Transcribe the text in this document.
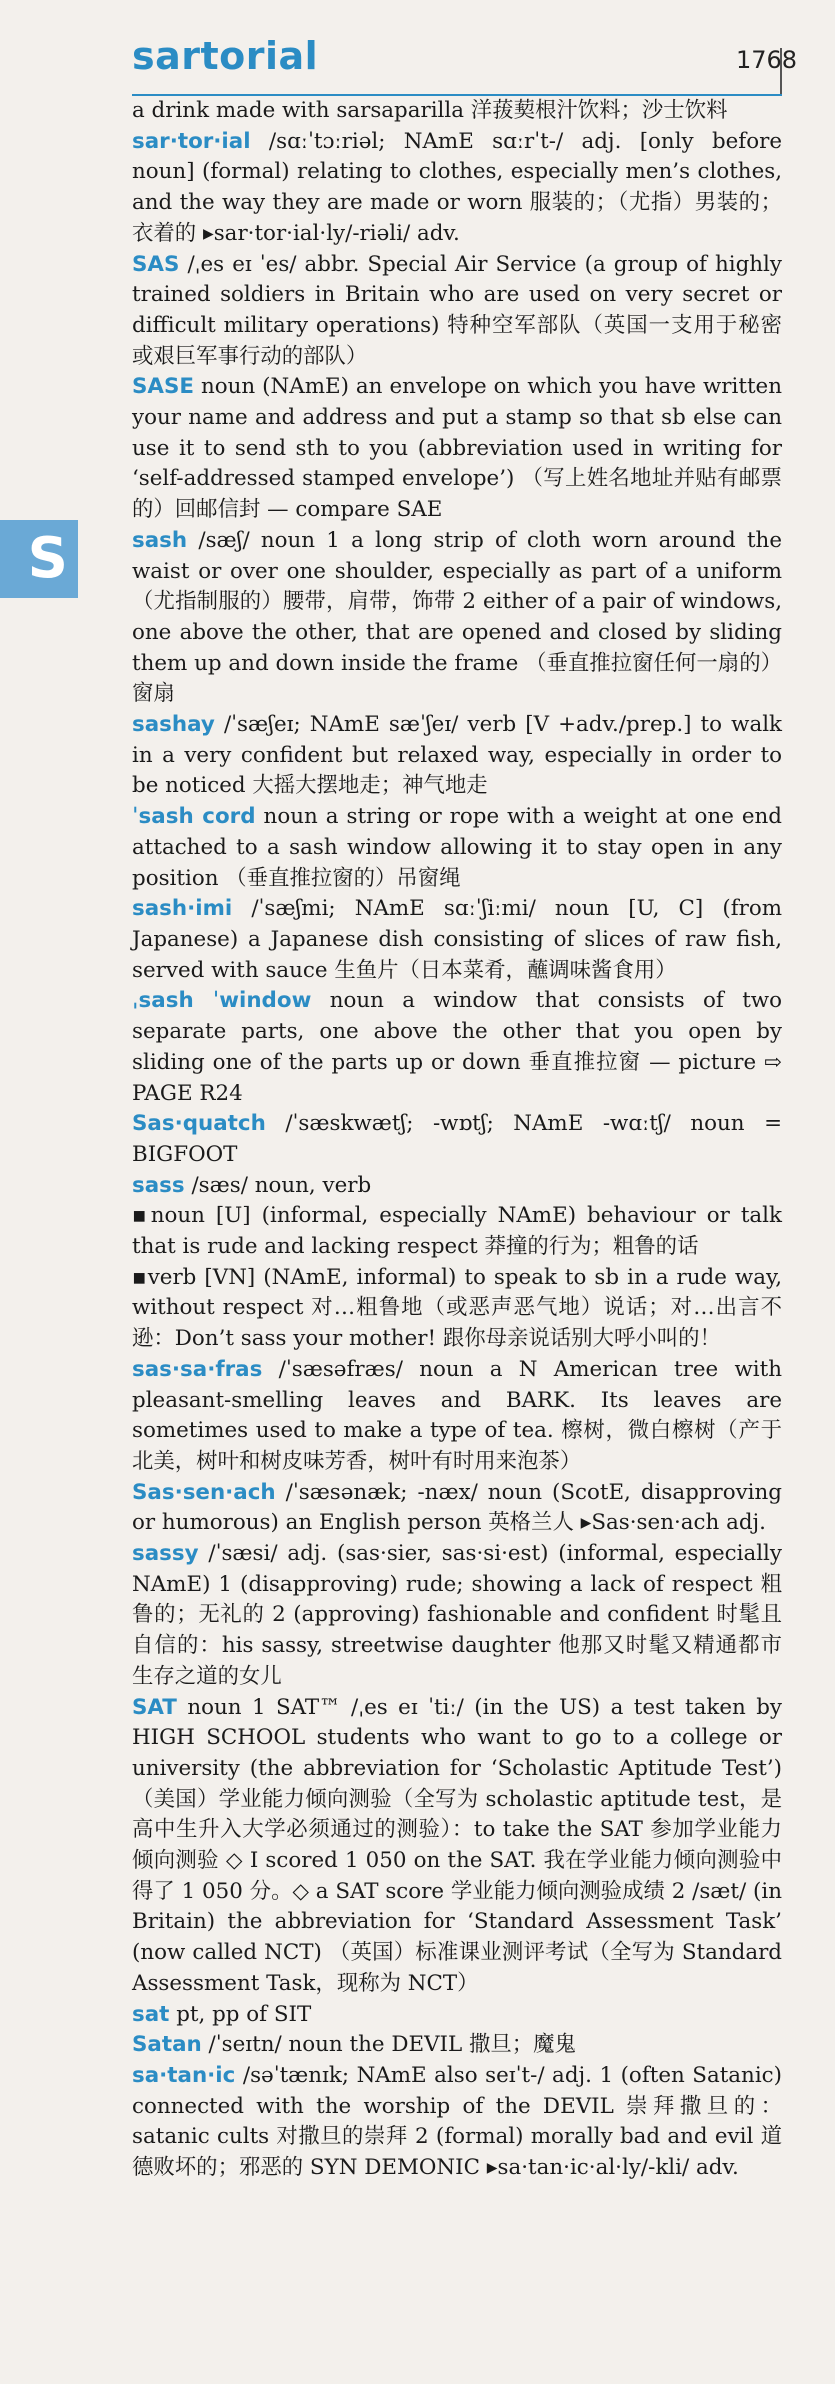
sartorial	1768
S

a drink made with sarsaparilla 洋菝葜根汁饮料；沙士饮料

sar·tor·ial /sɑːˈtɔːriəl; NAmE sɑːrˈt-/ adj. [only before noun] (formal) relating to clothes, especially men’s clothes, and the way they are made or worn 服装的；（尤指）男装的；衣着的 ▸sar·tor·ial·ly/-riəli/ adv.

SAS /ˌes eɪ ˈes/ abbr. Special Air Service (a group of highly trained soldiers in Britain who are used on very secret or difficult military operations) 特种空军部队（英国一支用于秘密或艰巨军事行动的部队）

SASE noun (NAmE) an envelope on which you have written your name and address and put a stamp so that sb else can use it to send sth to you (abbreviation used in writing for ‘self-addressed stamped envelope’) （写上姓名地址并贴有邮票的）回邮信封 — compare SAE

sash /sæʃ/ noun 1 a long strip of cloth worn around the waist or over one shoulder, especially as part of a uniform （尤指制服的）腰带，肩带，饰带 2 either of a pair of windows, one above the other, that are opened and closed by sliding them up and down inside the frame （垂直推拉窗任何一扇的）窗扇

sashay /ˈsæʃeɪ; NAmE sæˈʃeɪ/ verb [V +adv./prep.] to walk in a very confident but relaxed way, especially in order to be noticed 大摇大摆地走；神气地走

ˈsash cord noun a string or rope with a weight at one end attached to a sash window allowing it to stay open in any position （垂直推拉窗的）吊窗绳

sash·imi /ˈsæʃmi; NAmE sɑːˈʃiːmi/ noun [U, C] (from Japanese) a Japanese dish consisting of slices of raw fish, served with sauce 生鱼片（日本菜肴，蘸调味酱食用）

ˌsash ˈwindow noun a window that consists of two separate parts, one above the other that you open by sliding one of the parts up or down 垂直推拉窗 — picture ⇨ PAGE R24

Sas·quatch /ˈsæskwætʃ; -wɒtʃ; NAmE -wɑːtʃ/ noun = BIGFOOT

sass /sæs/ noun, verb

▪noun [U] (informal, especially NAmE) behaviour or talk that is rude and lacking respect 莽撞的行为；粗鲁的话

▪verb [VN] (NAmE, informal) to speak to sb in a rude way, without respect 对…粗鲁地（或恶声恶气地）说话；对…出言不逊：Don’t sass your mother! 跟你母亲说话别大呼小叫的！

sas·sa·fras /ˈsæsəfræs/ noun a N American tree with pleasant-smelling leaves and BARK. Its leaves are sometimes used to make a type of tea. 檫树，微白檫树（产于北美，树叶和树皮味芳香，树叶有时用来泡茶）

Sas·sen·ach /ˈsæsənæk; -næx/ noun (ScotE, disapproving or humorous) an English person 英格兰人 ▸Sas·sen·ach adj.

sassy /ˈsæsi/ adj. (sas·sier, sas·si·est) (informal, especially NAmE) 1 (disapproving) rude; showing a lack of respect 粗鲁的；无礼的 2 (approving) fashionable and confident 时髦且自信的：his sassy, streetwise daughter 他那又时髦又精通都市生存之道的女儿

SAT noun 1 SAT™ /ˌes eɪ ˈtiː/ (in the US) a test taken by HIGH SCHOOL students who want to go to a college or university (the abbreviation for ‘Scholastic Aptitude Test’) （美国）学业能力倾向测验（全写为 scholastic aptitude test，是高中生升入大学必须通过的测验）：to take the SAT 参加学业能力倾向测验 ◇ I scored 1 050 on the SAT. 我在学业能力倾向测验中得了 1 050 分。◇ a SAT score 学业能力倾向测验成绩 2 /sæt/ (in Britain) the abbreviation for ‘Standard Assessment Task’ (now called NCT) （英国）标准课业测评考试（全写为 Standard Assessment Task，现称为 NCT）

sat pt, pp of SIT

Satan /ˈseɪtn/ noun the DEVIL 撒旦；魔鬼

sa·tan·ic /səˈtænɪk; NAmE also seɪˈt-/ adj. 1 (often Satanic) connected with the worship of the DEVIL 崇拜撒旦的：satanic cults 对撒旦的崇拜 2 (formal) morally bad and evil 道德败坏的；邪恶的 SYN DEMONIC ▸sa·tan·ic·al·ly/-kli/ adv.
